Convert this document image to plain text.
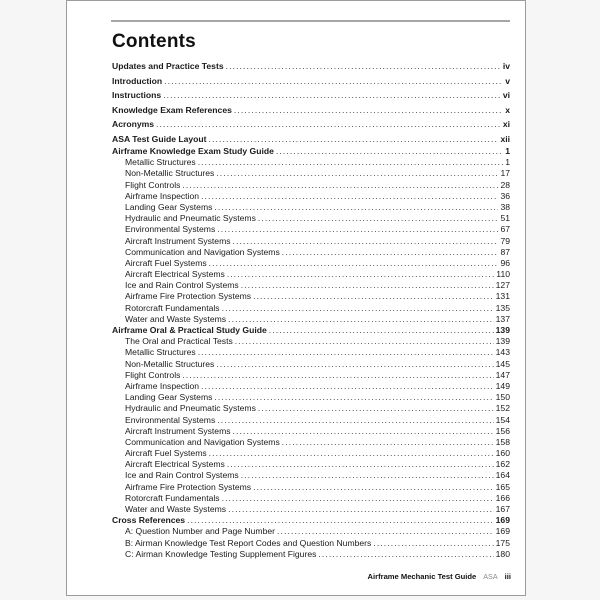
Contents
Updates and Practice Tests .....	iv
Introduction .....	v
Instructions .....	vi
Knowledge Exam References .....	x
Acronyms .....	xi
ASA Test Guide Layout .....	xii
Airframe Knowledge Exam Study Guide .....	1
Metallic Structures .....	1
Non-Metallic Structures .....	17
Flight Controls .....	28
Airframe Inspection .....	36
Landing Gear Systems .....	38
Hydraulic and Pneumatic Systems .....	51
Environmental Systems .....	67
Aircraft Instrument Systems .....	79
Communication and Navigation Systems .....	87
Aircraft Fuel Systems .....	96
Aircraft Electrical Systems .....	110
Ice and Rain Control Systems .....	127
Airframe Fire Protection Systems .....	131
Rotorcraft Fundamentals .....	135
Water and Waste Systems .....	137
Airframe Oral & Practical Study Guide .....	139
The Oral and Practical Tests .....	139
Metallic Structures .....	143
Non-Metallic Structures .....	145
Flight Controls .....	147
Airframe Inspection .....	149
Landing Gear Systems .....	150
Hydraulic and Pneumatic Systems .....	152
Environmental Systems .....	154
Aircraft Instrument Systems .....	156
Communication and Navigation Systems .....	158
Aircraft Fuel Systems .....	160
Aircraft Electrical Systems .....	162
Ice and Rain Control Systems .....	164
Airframe Fire Protection Systems .....	165
Rotorcraft Fundamentals .....	166
Water and Waste Systems .....	167
Cross References .....	169
A: Question Number and Page Number .....	169
B: Airman Knowledge Test Report Codes and Question Numbers .....	175
C: Airman Knowledge Testing Supplement Figures .....	180
Airframe Mechanic Test Guide ASA iii
